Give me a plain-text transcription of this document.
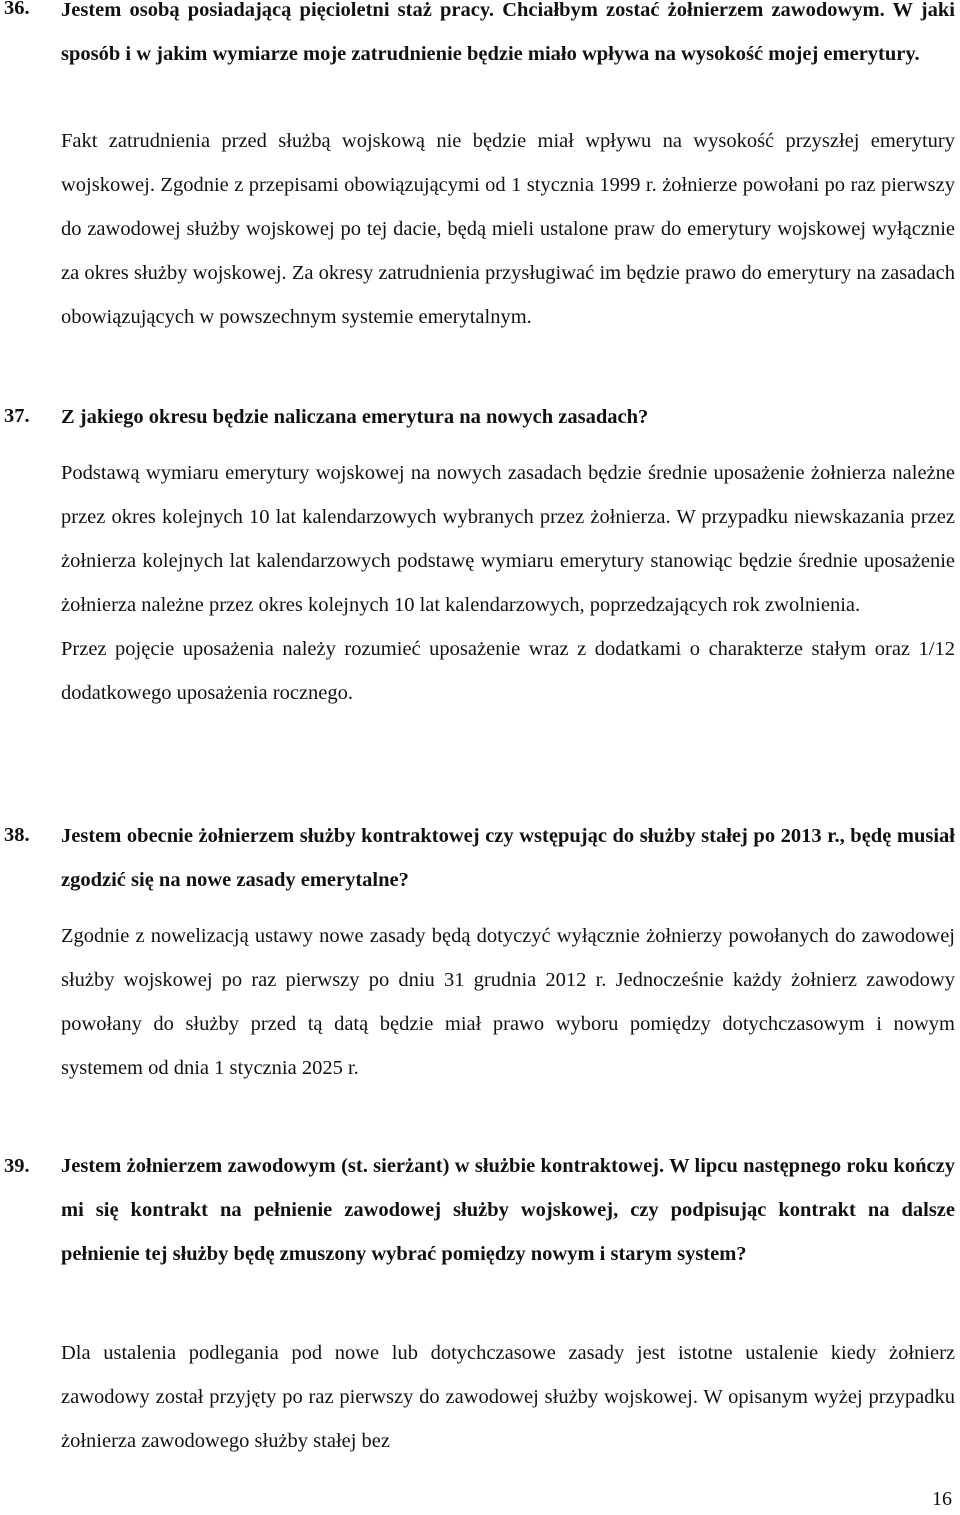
36. Jestem osobą posiadającą pięcioletni staż pracy. Chciałbym zostać żołnierzem zawodowym. W jaki sposób i w jakim wymiarze moje zatrudnienie będzie miało wpływa na wysokość mojej emerytury.

Fakt zatrudnienia przed służbą wojskową nie będzie miał wpływu na wysokość przyszłej emerytury wojskowej. Zgodnie z przepisami obowiązującymi od 1 stycznia 1999 r. żołnierze powołani po raz pierwszy do zawodowej służby wojskowej po tej dacie, będą mieli ustalone praw do emerytury wojskowej wyłącznie za okres służby wojskowej. Za okresy zatrudnienia przysługiwać im będzie prawo do emerytury na zasadach obowiązujących w powszechnym systemie emerytalnym.

37. Z jakiego okresu będzie naliczana emerytura na nowych zasadach?

Podstawą wymiaru emerytury wojskowej na nowych zasadach będzie średnie uposażenie żołnierza należne przez okres kolejnych 10 lat kalendarzowych wybranych przez żołnierza. W przypadku niewskazania przez żołnierza kolejnych lat kalendarzowych podstawę wymiaru emerytury stanowiąc będzie średnie uposażenie żołnierza należne przez okres kolejnych 10 lat kalendarzowych, poprzedzających rok zwolnienia.

Przez pojęcie uposażenia należy rozumieć uposażenie wraz z dodatkami o charakterze stałym oraz 1/12 dodatkowego uposażenia rocznego.

38. Jestem obecnie żołnierzem służby kontraktowej czy wstępując do służby stałej po 2013 r., będę musiał zgodzić się na nowe zasady emerytalne?

Zgodnie z nowelizacją ustawy nowe zasady będą dotyczyć wyłącznie żołnierzy powołanych do zawodowej służby wojskowej po raz pierwszy po dniu 31 grudnia 2012 r. Jednocześnie każdy żołnierz zawodowy powołany do służby przed tą datą będzie miał prawo wyboru pomiędzy dotychczasowym i nowym systemem od dnia 1 stycznia 2025 r.

39. Jestem żołnierzem zawodowym (st. sierżant) w służbie kontraktowej. W lipcu następnego roku kończy mi się kontrakt na pełnienie zawodowej służby wojskowej, czy podpisując kontrakt na dalsze pełnienie tej służby będę zmuszony wybrać pomiędzy nowym i starym system?

Dla ustalenia podlegania pod nowe lub dotychczasowe zasady jest istotne ustalenie kiedy żołnierz zawodowy został przyjęty po raz pierwszy do zawodowej służby wojskowej. W opisanym wyżej przypadku żołnierza zawodowego służby stałej bez

16
